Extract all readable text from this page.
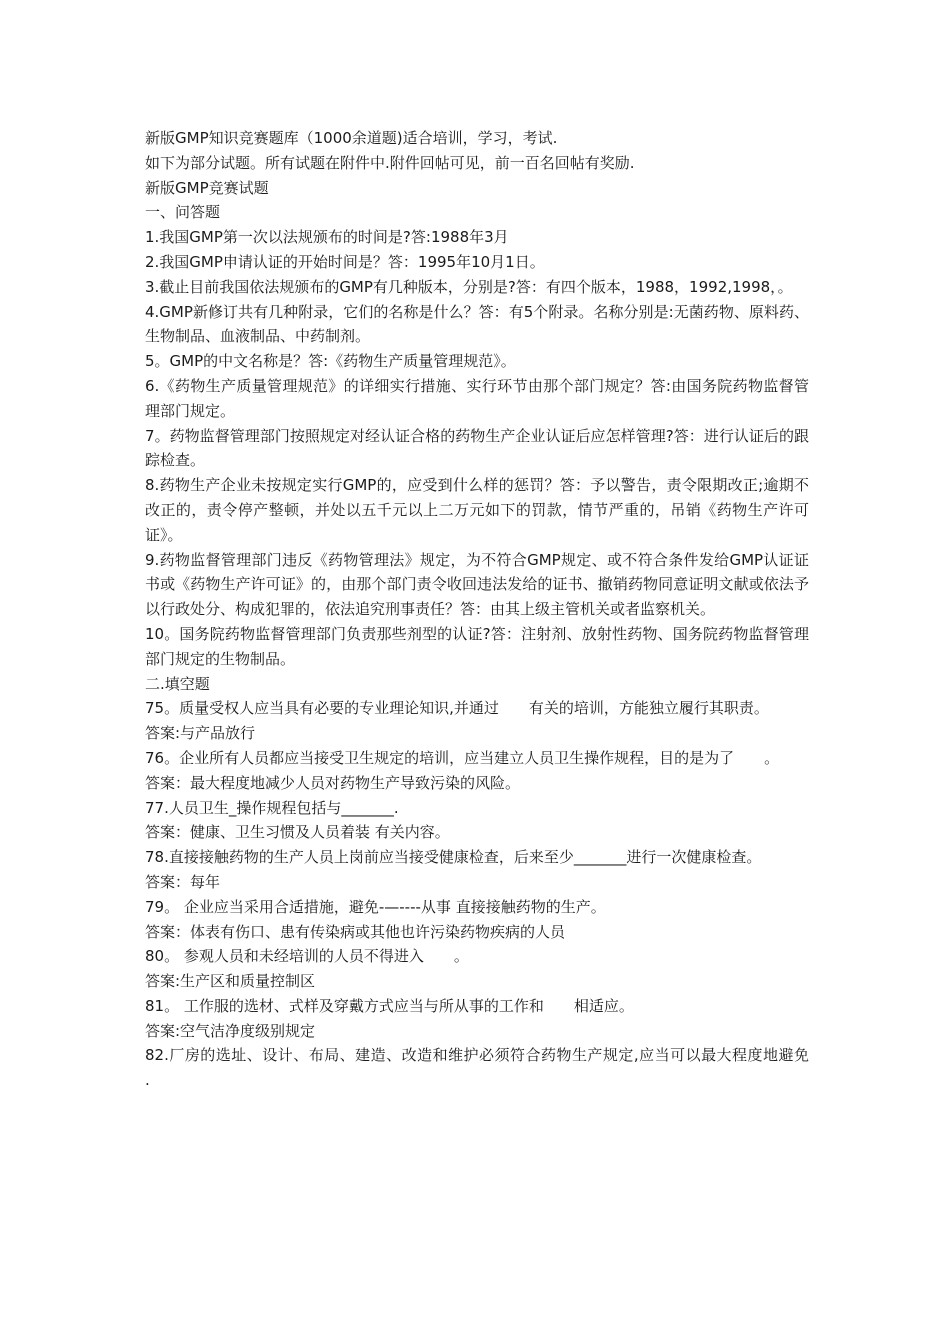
新版GMP知识竞赛题库（1000余道题)适合培训，学习，考试.

如下为部分试题。所有试题在附件中.附件回帖可见，前一百名回帖有奖励.

新版GMP竞赛试题

一、问答题

1.我国GMP第一次以法规颁布的时间是?答:1988年3月

2.我国GMP申请认证的开始时间是？答：1995年10月1日。

3.截止目前我国依法规颁布的GMP有几种版本，分别是?答：有四个版本，1988，1992,1998，。

4.GMP新修订共有几种附录，它们的名称是什么？答：有5个附录。名称分别是:无菌药物、原料药、生物制品、血液制品、中药制剂。

5。GMP的中文名称是？答:《药物生产质量管理规范》。

6.《药物生产质量管理规范》的详细实行措施、实行环节由那个部门规定？答:由国务院药物监督管理部门规定。

7。药物监督管理部门按照规定对经认证合格的药物生产企业认证后应怎样管理?答：进行认证后的跟踪检查。

8.药物生产企业未按规定实行GMP的，应受到什么样的惩罚？答：予以警告，责令限期改正;逾期不改正的，责令停产整顿，并处以五千元以上二万元如下的罚款，情节严重的，吊销《药物生产许可证》。

9.药物监督管理部门违反《药物管理法》规定，为不符合GMP规定、或不符合条件发给GMP认证证书或《药物生产许可证》的，由那个部门责令收回违法发给的证书、撤销药物同意证明文献或依法予以行政处分、构成犯罪的，依法追究刑事责任？答：由其上级主管机关或者监察机关。

10。国务院药物监督管理部门负责那些剂型的认证?答：注射剂、放射性药物、国务院药物监督管理部门规定的生物制品。

二.填空题

75。质量受权人应当具有必要的专业理论知识,并通过　　有关的培训，方能独立履行其职责。

答案:与产品放行

76。企业所有人员都应当接受卫生规定的培训，应当建立人员卫生操作规程，目的是为了　　。

答案：最大程度地减少人员对药物生产导致污染的风险。

77.人员卫生_操作规程包括与_______.

答案：健康、卫生习惯及人员着装 有关内容。

78.直接接触药物的生产人员上岗前应当接受健康检查，后来至少_______进行一次健康检查。

答案：每年

79。 企业应当采用合适措施，避免-—----从事 直接接触药物的生产。

答案：体表有伤口、患有传染病或其他也许污染药物疾病的人员

80。 参观人员和未经培训的人员不得进入　　。

答案:生产区和质量控制区

81。 工作服的选材、式样及穿戴方式应当与所从事的工作和　　相适应。

答案:空气洁净度级别规定

82.厂房的选址、设计、布局、建造、改造和维护必须符合药物生产规定,应当可以最大程度地避免　　.
